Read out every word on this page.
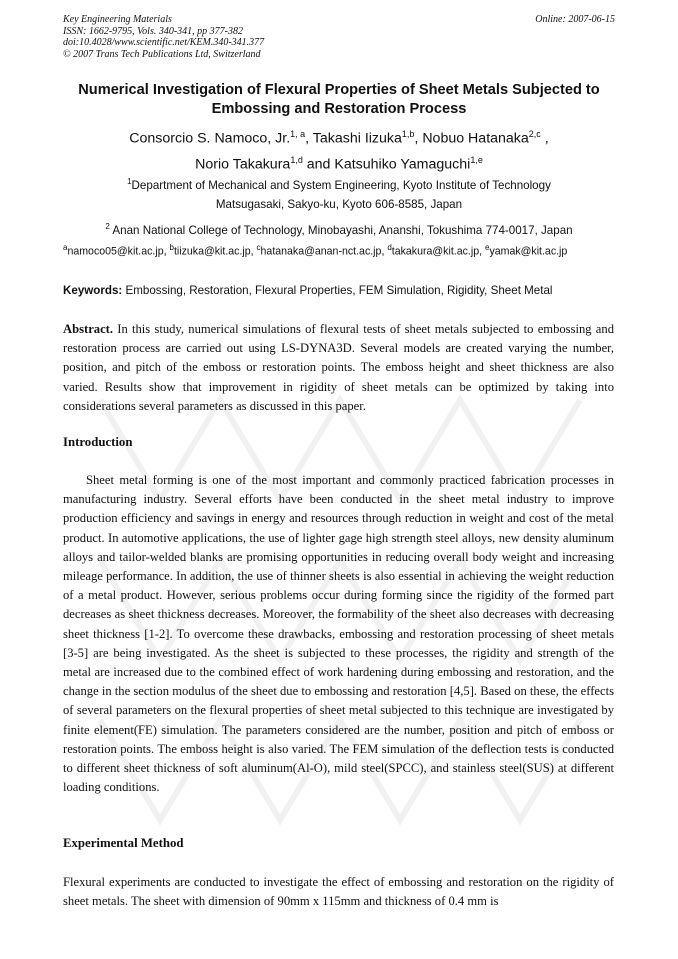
Key Engineering Materials
ISSN: 1662-9795, Vols. 340-341, pp 377-382
doi:10.4028/www.scientific.net/KEM.340-341.377
© 2007 Trans Tech Publications Ltd, Switzerland
Online: 2007-06-15
Numerical Investigation of Flexural Properties of Sheet Metals Subjected to Embossing and Restoration Process
Consorcio S. Namoco, Jr.$^{1, a}$, Takashi Iizuka$^{1,b}$, Nobuo Hatanaka$^{2,c}$ ,
Norio Takakura$^{1,d}$ and Katsuhiko Yamaguchi$^{1,e}$
$^1$Department of Mechanical and System Engineering, Kyoto Institute of Technology
Matsugasaki, Sakyo-ku, Kyoto 606-8585, Japan
$^2$ Anan National College of Technology, Minobayashi, Ananshi, Tokushima 774-0017, Japan
$^a$namoco05@kit.ac.jp, $^b$tiizuka@kit.ac.jp, $^c$hatanaka@anan-nct.ac.jp, $^d$takakura@kit.ac.jp, $^e$yamak@kit.ac.jp
Keywords: Embossing, Restoration, Flexural Properties, FEM Simulation, Rigidity, Sheet Metal
Abstract. In this study, numerical simulations of flexural tests of sheet metals subjected to embossing and restoration process are carried out using LS-DYNA3D. Several models are created varying the number, position, and pitch of the emboss or restoration points. The emboss height and sheet thickness are also varied. Results show that improvement in rigidity of sheet metals can be optimized by taking into considerations several parameters as discussed in this paper.
Introduction
Sheet metal forming is one of the most important and commonly practiced fabrication processes in manufacturing industry. Several efforts have been conducted in the sheet metal industry to improve production efficiency and savings in energy and resources through reduction in weight and cost of the metal product. In automotive applications, the use of lighter gage high strength steel alloys, new density aluminum alloys and tailor-welded blanks are promising opportunities in reducing overall body weight and increasing mileage performance. In addition, the use of thinner sheets is also essential in achieving the weight reduction of a metal product. However, serious problems occur during forming since the rigidity of the formed part decreases as sheet thickness decreases. Moreover, the formability of the sheet also decreases with decreasing sheet thickness [1-2]. To overcome these drawbacks, embossing and restoration processing of sheet metals [3-5] are being investigated. As the sheet is subjected to these processes, the rigidity and strength of the metal are increased due to the combined effect of work hardening during embossing and restoration, and the change in the section modulus of the sheet due to embossing and restoration [4,5]. Based on these, the effects of several parameters on the flexural properties of sheet metal subjected to this technique are investigated by finite element(FE) simulation. The parameters considered are the number, position and pitch of emboss or restoration points. The emboss height is also varied. The FEM simulation of the deflection tests is conducted to different sheet thickness of soft aluminum(Al-O), mild steel(SPCC), and stainless steel(SUS) at different loading conditions.
Experimental Method
Flexural experiments are conducted to investigate the effect of embossing and restoration on the rigidity of sheet metals. The sheet with dimension of 90mm x 115mm and thickness of 0.4 mm is
